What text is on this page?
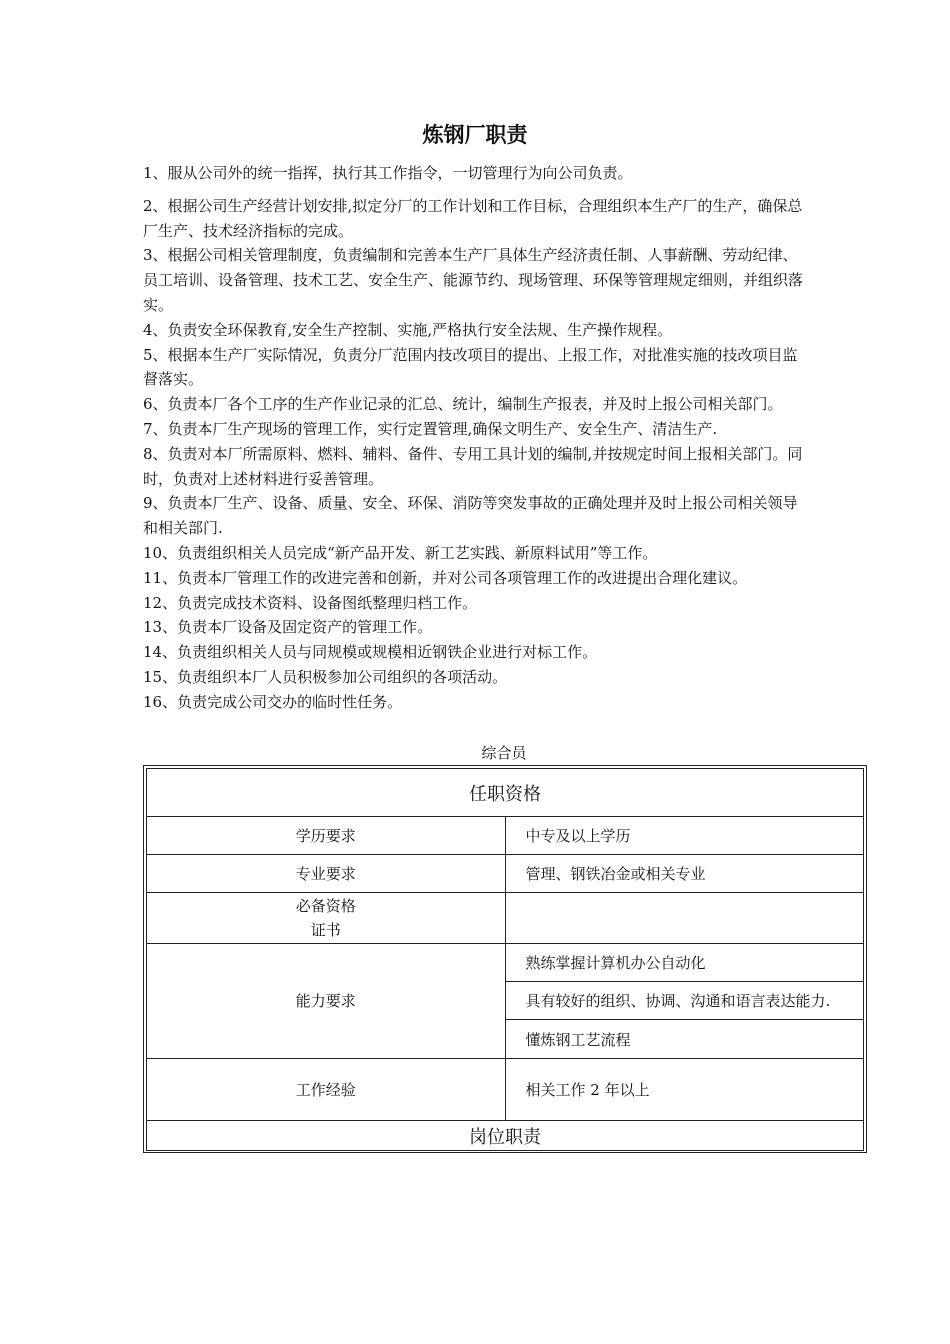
炼钢厂职责

1、服从公司外的统一指挥，执行其工作指令，一切管理行为向公司负责。

2、根据公司生产经营计划安排,拟定分厂的工作计划和工作目标，合理组织本生产厂的生产，确保总厂生产、技术经济指标的完成。

3、根据公司相关管理制度，负责编制和完善本生产厂具体生产经济责任制、人事薪酬、劳动纪律、员工培训、设备管理、技术工艺、安全生产、能源节约、现场管理、环保等管理规定细则，并组织落实。

4、负责安全环保教育,安全生产控制、实施,严格执行安全法规、生产操作规程。

5、根据本生产厂实际情况，负责分厂范围内技改项目的提出、上报工作，对批准实施的技改项目监督落实。

6、负责本厂各个工序的生产作业记录的汇总、统计，编制生产报表，并及时上报公司相关部门。

7、负责本厂生产现场的管理工作，实行定置管理,确保文明生产、安全生产、清洁生产.

8、负责对本厂所需原料、燃料、辅料、备件、专用工具计划的编制,并按规定时间上报相关部门。同时，负责对上述材料进行妥善管理。

9、负责本厂生产、设备、质量、安全、环保、消防等突发事故的正确处理并及时上报公司相关领导和相关部门.

10、负责组织相关人员完成“新产品开发、新工艺实践、新原料试用”等工作。

11、负责本厂管理工作的改进完善和创新，并对公司各项管理工作的改进提出合理化建议。

12、负责完成技术资料、设备图纸整理归档工作。

13、负责本厂设备及固定资产的管理工作。

14、负责组织相关人员与同规模或规模相近钢铁企业进行对标工作。

15、负责组织本厂人员积极参加公司组织的各项活动。

16、负责完成公司交办的临时性任务。

综合员

任职资格	
学历要求	中专及以上学历
专业要求	管理、钢铁冶金或相关专业

必备资格
证书	

能力要求	熟练掌握计算机办公自动化
	具有较好的组织、协调、沟通和语言表达能力.
	懂炼钢工艺流程
工作经验	相关工作 2 年以上
岗位职责	
